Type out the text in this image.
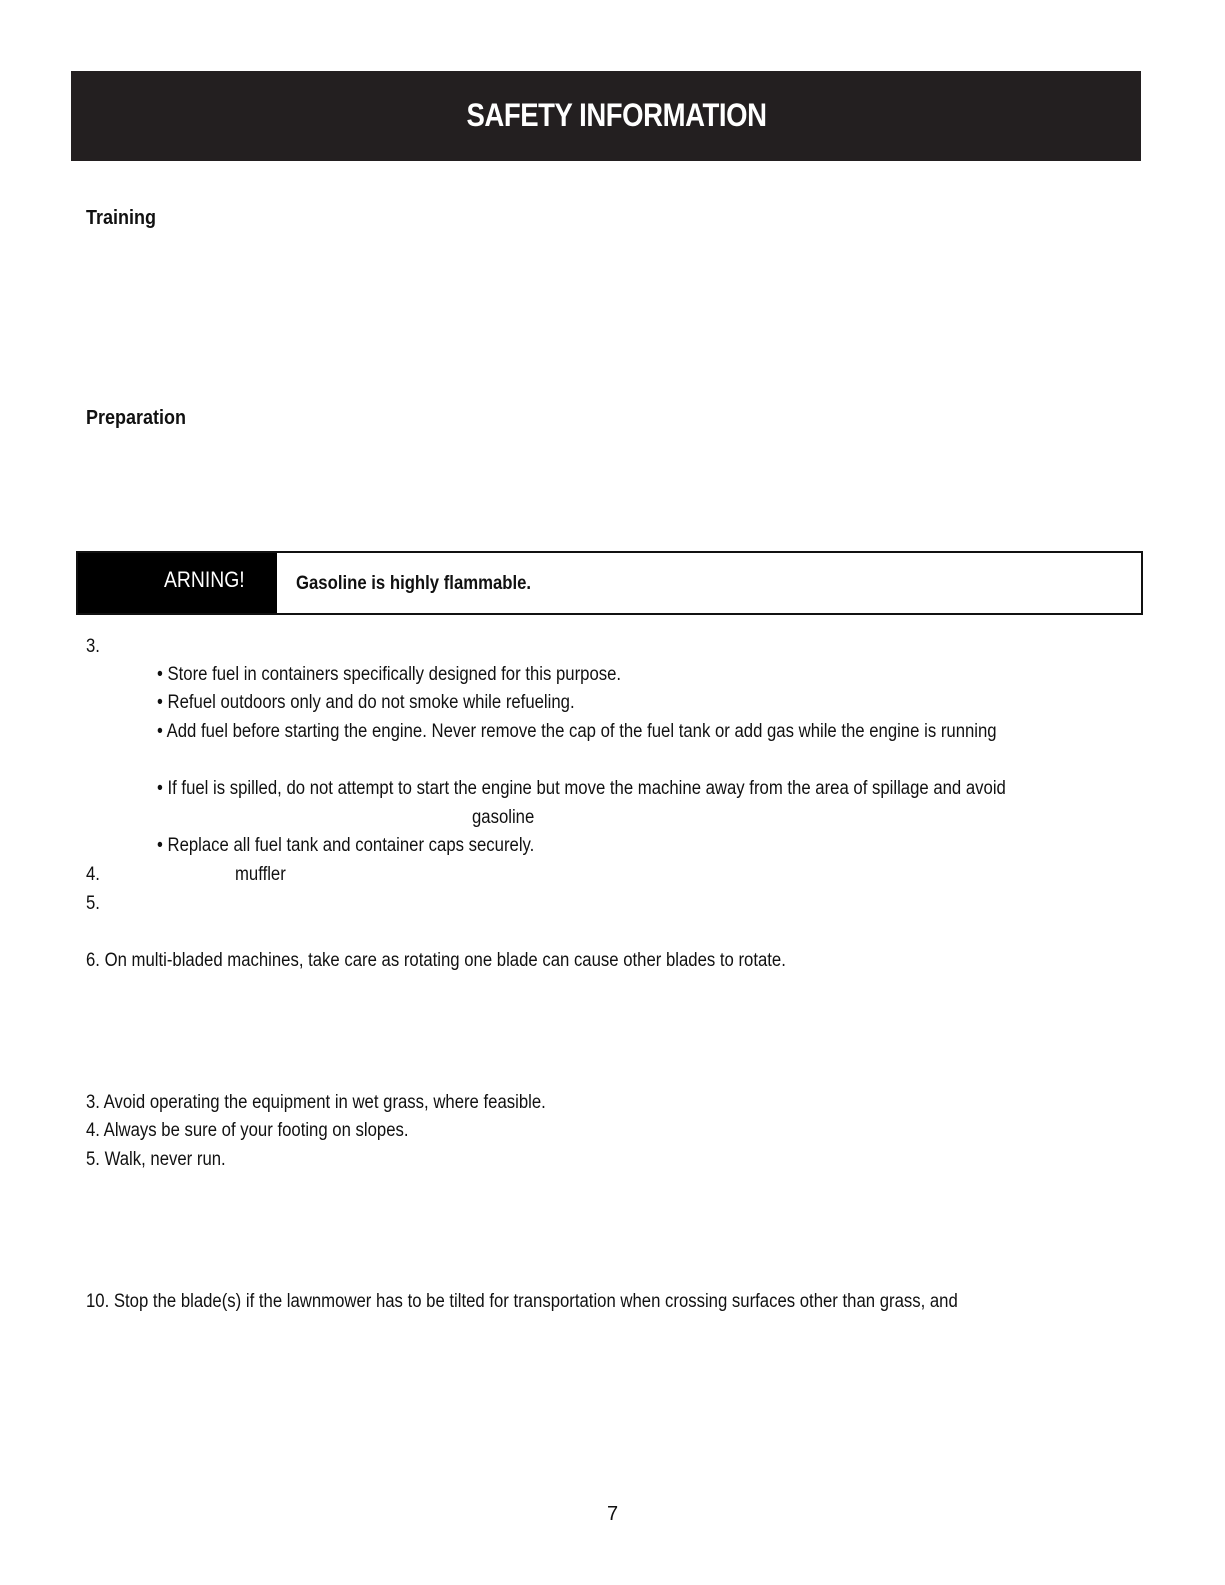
SAFETY INFORMATION
Training
Preparation
ARNING!	Gasoline is highly flammable.
3.
• Store fuel in containers specifically designed for this purpose.
• Refuel outdoors only and do not smoke while refueling.
• Add fuel before starting the engine. Never remove the cap of the fuel tank or add gas while the engine is running
• If fuel is spilled, do not attempt to start the engine but move the machine away from the area of spillage and avoid
gasoline
• Replace all fuel tank and container caps securely.
4.	muffler
5.
6. On multi-bladed machines, take care as rotating one blade can cause other blades to rotate.
3. Avoid operating the equipment in wet grass, where feasible.
4. Always be sure of your footing on slopes.
5. Walk, never run.
10. Stop the blade(s) if the lawnmower has to be tilted for transportation when crossing surfaces other than grass, and
7
